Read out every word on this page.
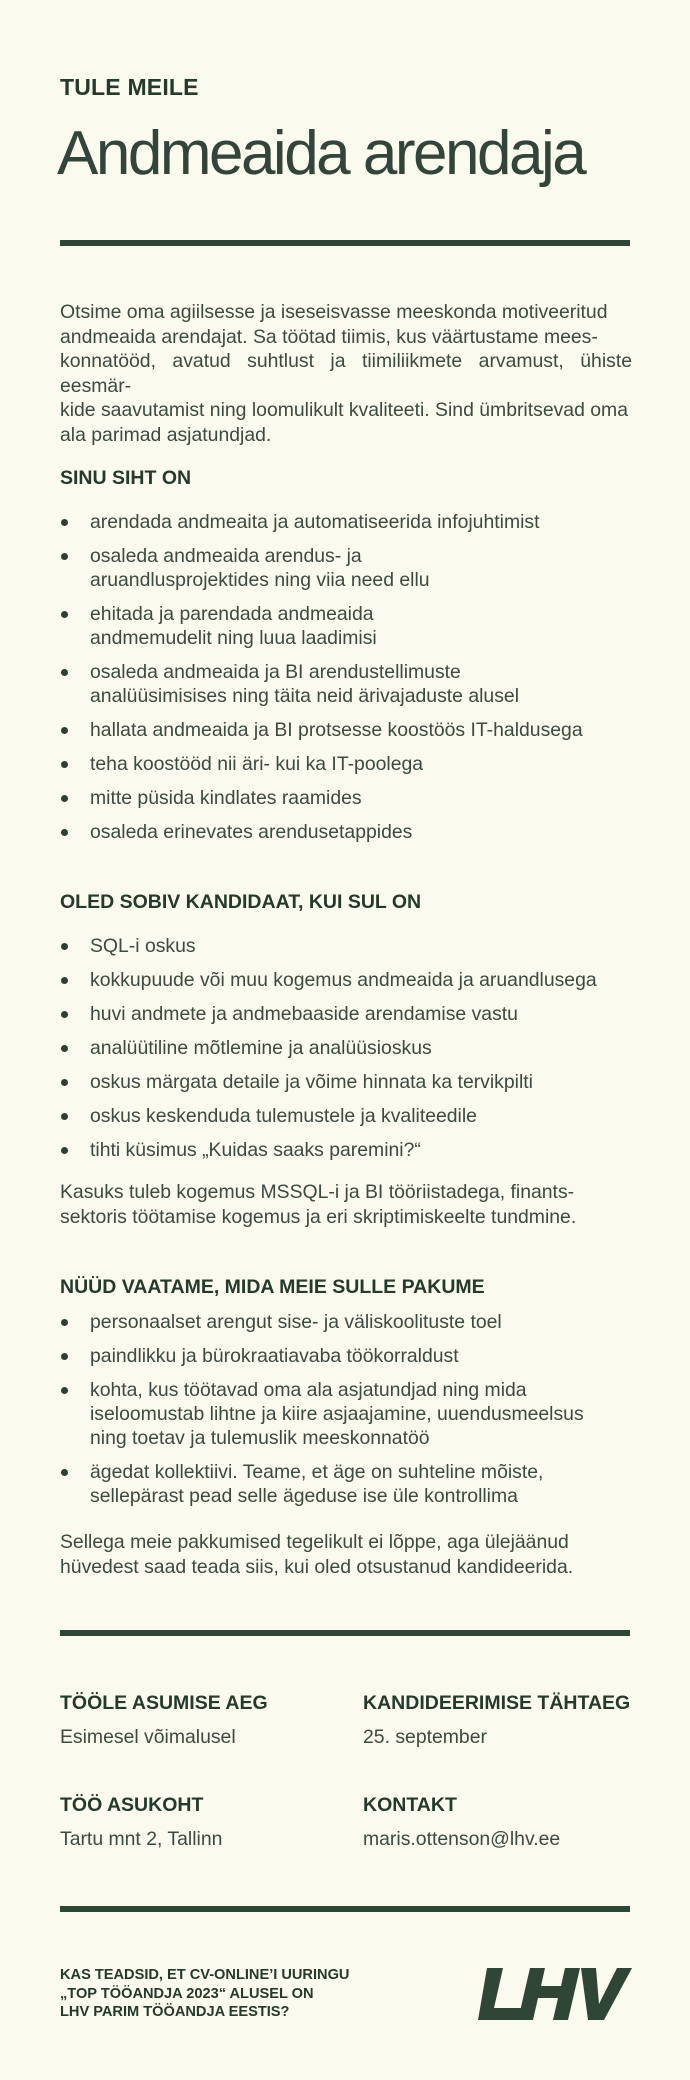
TULE MEILE
Andmeaida arendaja
Otsime oma agiilsesse ja iseseisvasse meeskonda motiveeritud
andmeaida arendajat. Sa töötad tiimis, kus väärtustame mees-
konnatööd, avatud suhtlust ja tiimiliikmete arvamust, ühiste eesmär-
kide saavutamist ning loomulikult kvaliteeti. Sind ümbritsevad oma
ala parimad asjatundjad.
SINU SIHT ON
arendada andmeaita ja automatiseerida infojuhtimist
osaleda andmeaida arendus- ja
aruandlusprojektides ning viia need ellu
ehitada ja parendada andmeaida
andmemudelit ning luua laadimisi
osaleda andmeaida ja BI arendustellimuste
analüüsimisises ning täita neid ärivajaduste alusel
hallata andmeaida ja BI protsesse koostöös IT-haldusega
teha koostööd nii äri- kui ka IT-poolega
mitte püsida kindlates raamides
osaleda erinevates arendusetappides
OLED SOBIV KANDIDAAT, KUI SUL ON
SQL-i oskus
kokkupuude või muu kogemus andmeaida ja aruandlusega
huvi andmete ja andmebaaside arendamise vastu
analüütiline mõtlemine ja analüüsioskus
oskus märgata detaile ja võime hinnata ka tervikpilti
oskus keskenduda tulemustele ja kvaliteedile
tihti küsimus „Kuidas saaks paremini?“
Kasuks tuleb kogemus MSSQL-i ja BI tööriistadega, finants-
sektoris töötamise kogemus ja eri skriptimiskeelte tundmine.
NÜÜD VAATAME, MIDA MEIE SULLE PAKUME
personaalset arengut sise- ja väliskoolituste toel
paindlikku ja bürokraatiavaba töökorraldust
kohta, kus töötavad oma ala asjatundjad ning mida
iseloomustab lihtne ja kiire asjaajamine, uuendusmeelsus
ning toetav ja tulemuslik meeskonnatöö
ägedat kollektiivi. Teame, et äge on suhteline mõiste,
sellepärast pead selle ägeduse ise üle kontrollima
Sellega meie pakkumised tegelikult ei lõppe, aga ülejäänud
hüvedest saad teada siis, kui oled otsustanud kandideerida.
TÖÖLE ASUMISE AEG
Esimesel võimalusel
KANDIDEERIMISE TÄHTAEG
25. september
TÖÖ ASUKOHT
Tartu mnt 2, Tallinn
KONTAKT
maris.ottenson@lhv.ee
KAS TEADSID, ET CV-ONLINE’I UURINGU
„TOP TÖÖANDJA 2023“ ALUSEL ON
LHV PARIM TÖÖANDJA EESTIS?
